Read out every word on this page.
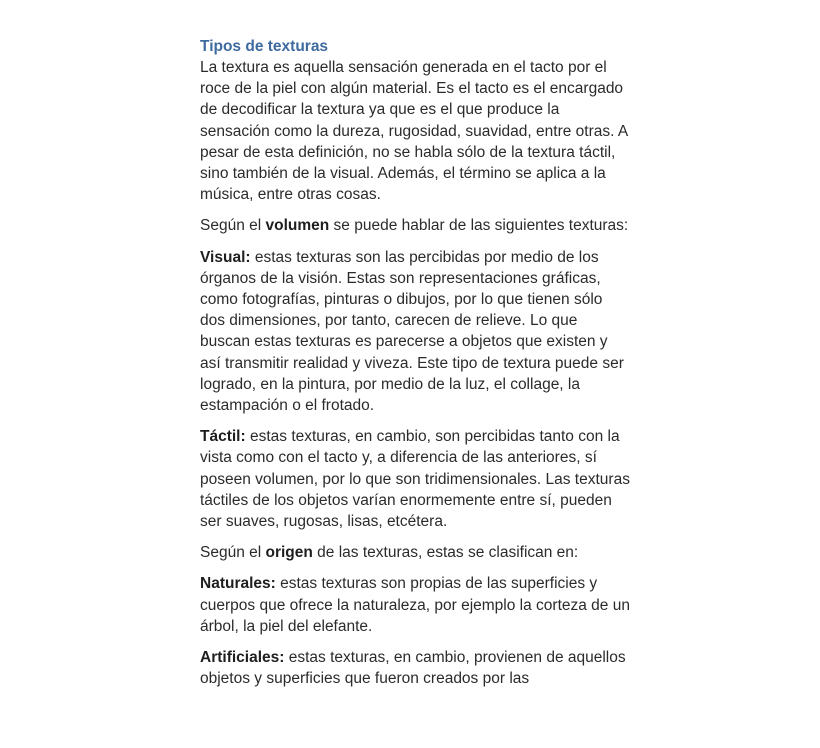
Tipos de texturas

La textura es aquella sensación generada en el tacto por el roce de la piel con algún material. Es el tacto es el encargado de decodificar la textura ya que es el que produce la sensación como la dureza, rugosidad, suavidad, entre otras. A pesar de esta definición, no se habla sólo de la textura táctil, sino también de la visual. Además, el término se aplica a la música, entre otras cosas.

Según el volumen se puede hablar de las siguientes texturas:

Visual: estas texturas son las percibidas por medio de los órganos de la visión. Estas son representaciones gráficas, como fotografías, pinturas o dibujos, por lo que tienen sólo dos dimensiones, por tanto, carecen de relieve. Lo que buscan estas texturas es parecerse a objetos que existen y así transmitir realidad y viveza. Este tipo de textura puede ser logrado, en la pintura, por medio de la luz, el collage, la estampación o el frotado.

Táctil: estas texturas, en cambio, son percibidas tanto con la vista como con el tacto y, a diferencia de las anteriores, sí poseen volumen, por lo que son tridimensionales. Las texturas táctiles de los objetos varían enormemente entre sí, pueden ser suaves, rugosas, lisas, etcétera.

Según el origen de las texturas, estas se clasifican en:

Naturales: estas texturas son propias de las superficies y cuerpos que ofrece la naturaleza, por ejemplo la corteza de un árbol, la piel del elefante.

Artificiales: estas texturas, en cambio, provienen de aquellos objetos y superficies que fueron creados por las
